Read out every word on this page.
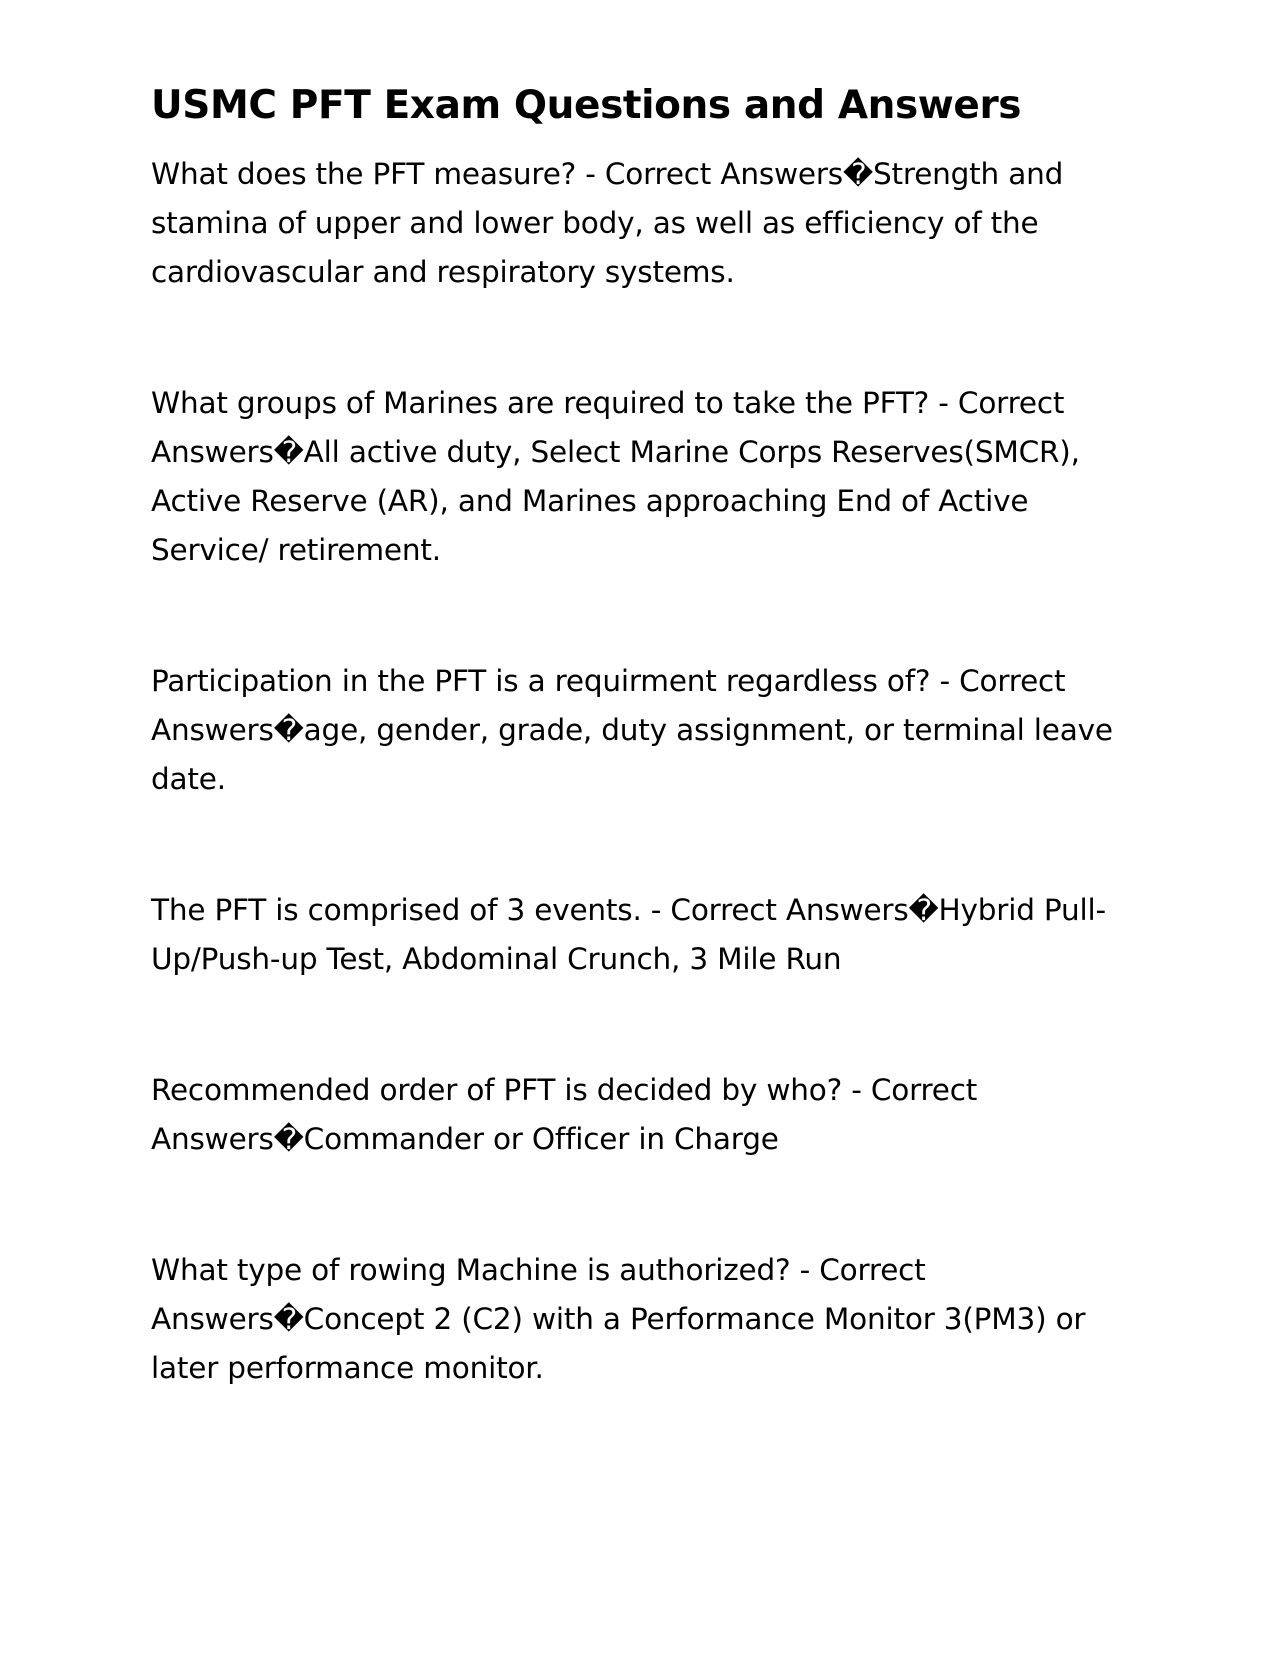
USMC PFT Exam Questions and Answers

What does the PFT measure? - Correct Answers�Strength and
stamina of upper and lower body, as well as efficiency of the
cardiovascular and respiratory systems.

What groups of Marines are required to take the PFT? - Correct
Answers�All active duty, Select Marine Corps Reserves(SMCR),
Active Reserve (AR), and Marines approaching End of Active
Service/ retirement.

Participation in the PFT is a requirment regardless of? - Correct
Answers�age, gender, grade, duty assignment, or terminal leave
date.

The PFT is comprised of 3 events. - Correct Answers�Hybrid Pull-
Up/Push-up Test, Abdominal Crunch, 3 Mile Run

Recommended order of PFT is decided by who? - Correct
Answers�Commander or Officer in Charge

What type of rowing Machine is authorized? - Correct
Answers�Concept 2 (C2) with a Performance Monitor 3(PM3) or
later performance monitor.
